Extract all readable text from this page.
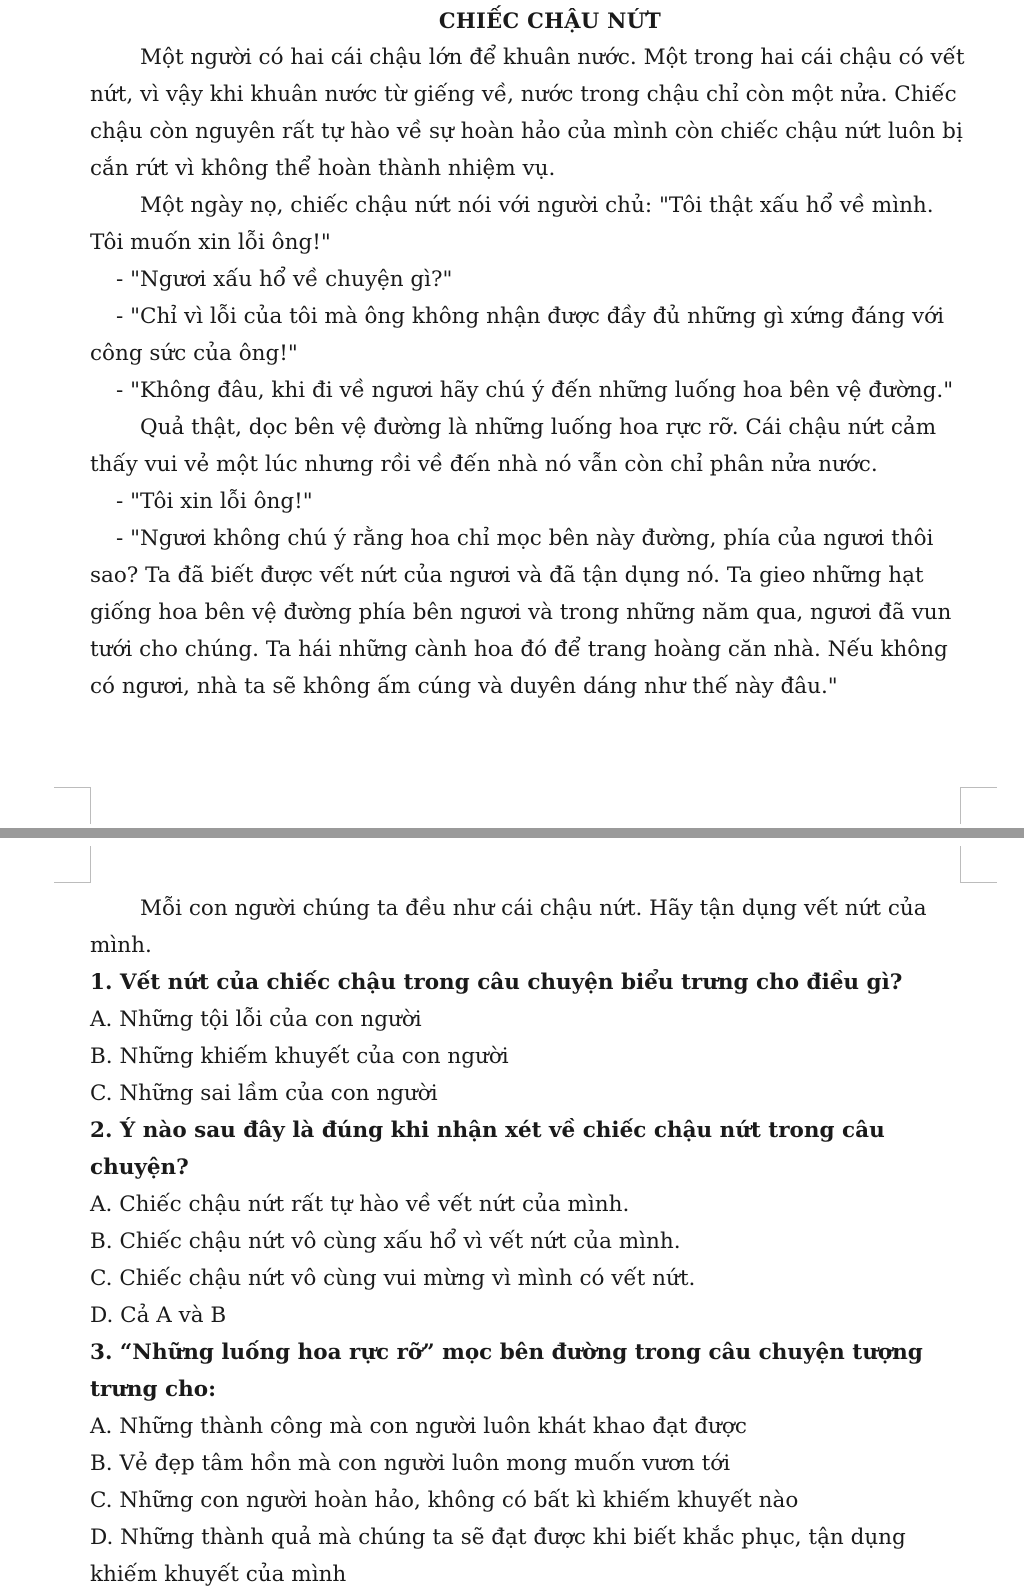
CHIẾC CHẬU NỨT

Một người có hai cái chậu lớn để khuân nước. Một trong hai cái chậu có vết nứt, vì vậy khi khuân nước từ giếng về, nước trong chậu chỉ còn một nửa. Chiếc chậu còn nguyên rất tự hào về sự hoàn hảo của mình còn chiếc chậu nứt luôn bị cắn rứt vì không thể hoàn thành nhiệm vụ.

Một ngày nọ, chiếc chậu nứt nói với người chủ: "Tôi thật xấu hổ về mình. Tôi muốn xin lỗi ông!"

- "Ngươi xấu hổ về chuyện gì?"

- "Chỉ vì lỗi của tôi mà ông không nhận được đầy đủ những gì xứng đáng với công sức của ông!"

- "Không đâu, khi đi về ngươi hãy chú ý đến những luống hoa bên vệ đường."

Quả thật, dọc bên vệ đường là những luống hoa rực rỡ. Cái chậu nứt cảm thấy vui vẻ một lúc nhưng rồi về đến nhà nó vẫn còn chỉ phân nửa nước.

- "Tôi xin lỗi ông!"

- "Ngươi không chú ý rằng hoa chỉ mọc bên này đường, phía của ngươi thôi sao? Ta đã biết được vết nứt của ngươi và đã tận dụng nó. Ta gieo những hạt giống hoa bên vệ đường phía bên ngươi và trong những năm qua, ngươi đã vun tưới cho chúng. Ta hái những cành hoa đó để trang hoàng căn nhà. Nếu không có ngươi, nhà ta sẽ không ấm cúng và duyên dáng như thế này đâu."

Mỗi con người chúng ta đều như cái chậu nứt. Hãy tận dụng vết nứt của mình.

1. Vết nứt của chiếc chậu trong câu chuyện biểu trưng cho điều gì?

A. Những tội lỗi của con người

B. Những khiếm khuyết của con người

C. Những sai lầm của con người

2. Ý nào sau đây là đúng khi nhận xét về chiếc chậu nứt trong câu chuyện?

A. Chiếc chậu nứt rất tự hào về vết nứt của mình.

B. Chiếc chậu nứt vô cùng xấu hổ vì vết nứt của mình.

C. Chiếc chậu nứt vô cùng vui mừng vì mình có vết nứt.

D. Cả A và B

3. “Những luống hoa rực rỡ” mọc bên đường trong câu chuyện tượng trưng cho:

A. Những thành công mà con người luôn khát khao đạt được

B. Vẻ đẹp tâm hồn mà con người luôn mong muốn vươn tới

C. Những con người hoàn hảo, không có bất kì khiếm khuyết nào

D. Những thành quả mà chúng ta sẽ đạt được khi biết khắc phục, tận dụng khiếm khuyết của mình
